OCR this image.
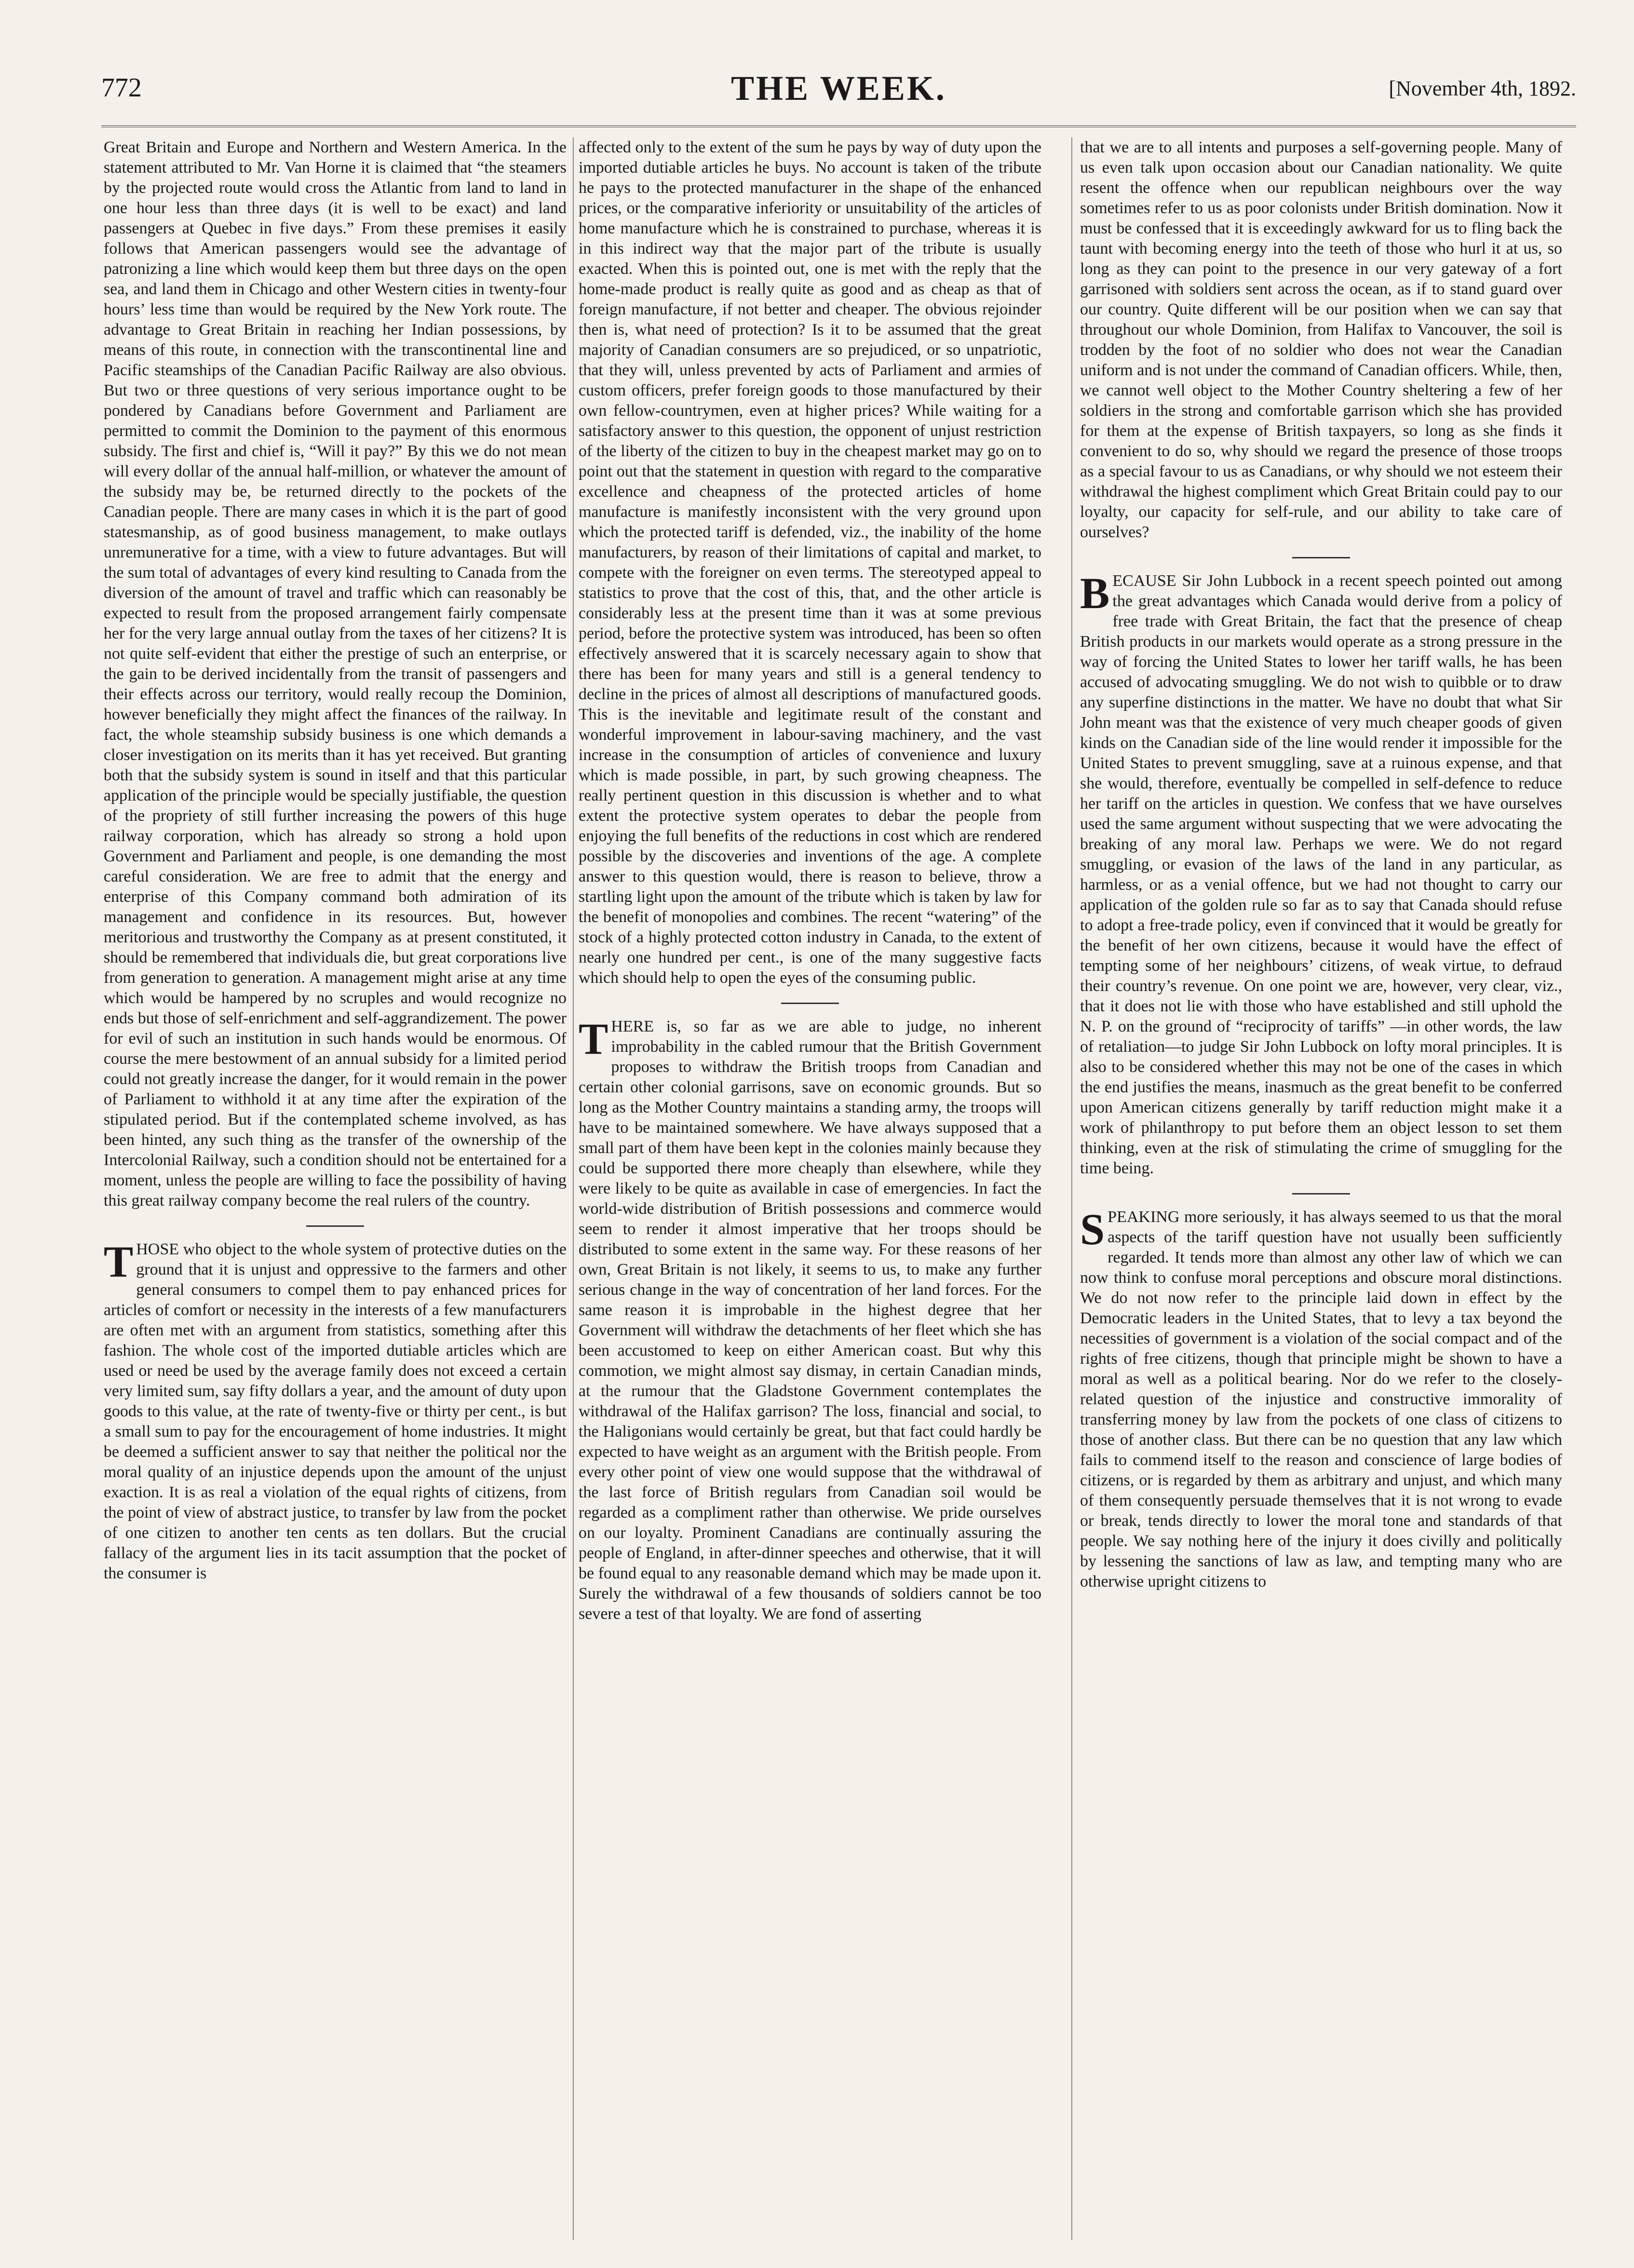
772	THE WEEK.	[November 4th, 1892.

Great Britain and Europe and Northern and Western America. In the statement attributed to Mr. Van Horne it is claimed that “the steamers by the projected route would cross the Atlantic from land to land in one hour less than three days (it is well to be exact) and land passengers at Quebec in five days.” From these premises it easily follows that American passengers would see the advantage of patronizing a line which would keep them but three days on the open sea, and land them in Chicago and other Western cities in twenty-four hours’ less time than would be required by the New York route. The advantage to Great Britain in reaching her Indian possessions, by means of this route, in connection with the transcontinental line and Pacific steamships of the Canadian Pacific Railway are also obvious. But two or three questions of very serious importance ought to be pondered by Canadians before Government and Parliament are permitted to commit the Dominion to the payment of this enormous subsidy. The first and chief is, “Will it pay?” By this we do not mean will every dollar of the annual half-million, or whatever the amount of the subsidy may be, be returned directly to the pockets of the Canadian people. There are many cases in which it is the part of good statesmanship, as of good business management, to make outlays unremunerative for a time, with a view to future advantages. But will the sum total of advantages of every kind resulting to Canada from the diversion of the amount of travel and traffic which can reasonably be expected to result from the proposed arrangement fairly compensate her for the very large annual outlay from the taxes of her citizens? It is not quite self-evident that either the prestige of such an enterprise, or the gain to be derived incidentally from the transit of passengers and their effects across our territory, would really recoup the Dominion, however beneficially they might affect the finances of the railway. In fact, the whole steamship subsidy business is one which demands a closer investigation on its merits than it has yet received. But granting both that the subsidy system is sound in itself and that this particular application of the principle would be specially justifiable, the question of the propriety of still further increasing the powers of this huge railway corporation, which has already so strong a hold upon Government and Parliament and people, is one demanding the most careful consideration. We are free to admit that the energy and enterprise of this Company command both admiration of its management and confidence in its resources. But, however meritorious and trustworthy the Company as at present constituted, it should be remembered that individuals die, but great corporations live from generation to generation. A management might arise at any time which would be hampered by no scruples and would recognize no ends but those of self-enrichment and self-aggrandizement. The power for evil of such an institution in such hands would be enormous. Of course the mere bestowment of an annual subsidy for a limited period could not greatly increase the danger, for it would remain in the power of Parliament to withhold it at any time after the expiration of the stipulated period. But if the contemplated scheme involved, as has been hinted, any such thing as the transfer of the ownership of the Intercolonial Railway, such a condition should not be entertained for a moment, unless the people are willing to face the possibility of having this great railway company become the real rulers of the country.

THOSE who object to the whole system of protective duties on the ground that it is unjust and oppressive to the farmers and other general consumers to compel them to pay enhanced prices for articles of comfort or necessity in the interests of a few manufacturers are often met with an argument from statistics, something after this fashion. The whole cost of the imported dutiable articles which are used or need be used by the average family does not exceed a certain very limited sum, say fifty dollars a year, and the amount of duty upon goods to this value, at the rate of twenty-five or thirty per cent., is but a small sum to pay for the encouragement of home industries. It might be deemed a sufficient answer to say that neither the political nor the moral quality of an injustice depends upon the amount of the unjust exaction. It is as real a violation of the equal rights of citizens, from the point of view of abstract justice, to transfer by law from the pocket of one citizen to another ten cents as ten dollars. But the crucial fallacy of the argument lies in its tacit assumption that the pocket of the consumer is

affected only to the extent of the sum he pays by way of duty upon the imported dutiable articles he buys. No account is taken of the tribute he pays to the protected manufacturer in the shape of the enhanced prices, or the comparative inferiority or unsuitability of the articles of home manufacture which he is constrained to purchase, whereas it is in this indirect way that the major part of the tribute is usually exacted. When this is pointed out, one is met with the reply that the home-made product is really quite as good and as cheap as that of foreign manufacture, if not better and cheaper. The obvious rejoinder then is, what need of protection? Is it to be assumed that the great majority of Canadian consumers are so prejudiced, or so unpatriotic, that they will, unless prevented by acts of Parliament and armies of custom officers, prefer foreign goods to those manufactured by their own fellow-countrymen, even at higher prices? While waiting for a satisfactory answer to this question, the opponent of unjust restriction of the liberty of the citizen to buy in the cheapest market may go on to point out that the statement in question with regard to the comparative excellence and cheapness of the protected articles of home manufacture is manifestly inconsistent with the very ground upon which the protected tariff is defended, viz., the inability of the home manufacturers, by reason of their limitations of capital and market, to compete with the foreigner on even terms. The stereotyped appeal to statistics to prove that the cost of this, that, and the other article is considerably less at the present time than it was at some previous period, before the protective system was introduced, has been so often effectively answered that it is scarcely necessary again to show that there has been for many years and still is a general tendency to decline in the prices of almost all descriptions of manufactured goods. This is the inevitable and legitimate result of the constant and wonderful improvement in labour-saving machinery, and the vast increase in the consumption of articles of convenience and luxury which is made possible, in part, by such growing cheapness. The really pertinent question in this discussion is whether and to what extent the protective system operates to debar the people from enjoying the full benefits of the reductions in cost which are rendered possible by the discoveries and inventions of the age. A complete answer to this question would, there is reason to believe, throw a startling light upon the amount of the tribute which is taken by law for the benefit of monopolies and combines. The recent “watering” of the stock of a highly protected cotton industry in Canada, to the extent of nearly one hundred per cent., is one of the many suggestive facts which should help to open the eyes of the consuming public.

THERE is, so far as we are able to judge, no inherent improbability in the cabled rumour that the British Government proposes to withdraw the British troops from Canadian and certain other colonial garrisons, save on economic grounds. But so long as the Mother Country maintains a standing army, the troops will have to be maintained somewhere. We have always supposed that a small part of them have been kept in the colonies mainly because they could be supported there more cheaply than elsewhere, while they were likely to be quite as available in case of emergencies. In fact the world-wide distribution of British possessions and commerce would seem to render it almost imperative that her troops should be distributed to some extent in the same way. For these reasons of her own, Great Britain is not likely, it seems to us, to make any further serious change in the way of concentration of her land forces. For the same reason it is improbable in the highest degree that her Government will withdraw the detachments of her fleet which she has been accustomed to keep on either American coast. But why this commotion, we might almost say dismay, in certain Canadian minds, at the rumour that the Gladstone Government contemplates the withdrawal of the Halifax garrison? The loss, financial and social, to the Haligonians would certainly be great, but that fact could hardly be expected to have weight as an argument with the British people. From every other point of view one would suppose that the withdrawal of the last force of British regulars from Canadian soil would be regarded as a compliment rather than otherwise. We pride ourselves on our loyalty. Prominent Canadians are continually assuring the people of England, in after-dinner speeches and otherwise, that it will be found equal to any reasonable demand which may be made upon it. Surely the withdrawal of a few thousands of soldiers cannot be too severe a test of that loyalty. We are fond of asserting

that we are to all intents and purposes a self-governing people. Many of us even talk upon occasion about our Canadian nationality. We quite resent the offence when our republican neighbours over the way sometimes refer to us as poor colonists under British domination. Now it must be confessed that it is exceedingly awkward for us to fling back the taunt with becoming energy into the teeth of those who hurl it at us, so long as they can point to the presence in our very gateway of a fort garrisoned with soldiers sent across the ocean, as if to stand guard over our country. Quite different will be our position when we can say that throughout our whole Dominion, from Halifax to Vancouver, the soil is trodden by the foot of no soldier who does not wear the Canadian uniform and is not under the command of Canadian officers. While, then, we cannot well object to the Mother Country sheltering a few of her soldiers in the strong and comfortable garrison which she has provided for them at the expense of British taxpayers, so long as she finds it convenient to do so, why should we regard the presence of those troops as a special favour to us as Canadians, or why should we not esteem their withdrawal the highest compliment which Great Britain could pay to our loyalty, our capacity for self-rule, and our ability to take care of ourselves?

BECAUSE Sir John Lubbock in a recent speech pointed out among the great advantages which Canada would derive from a policy of free trade with Great Britain, the fact that the presence of cheap British products in our markets would operate as a strong pressure in the way of forcing the United States to lower her tariff walls, he has been accused of advocating smuggling. We do not wish to quibble or to draw any superfine distinctions in the matter. We have no doubt that what Sir John meant was that the existence of very much cheaper goods of given kinds on the Canadian side of the line would render it impossible for the United States to prevent smuggling, save at a ruinous expense, and that she would, therefore, eventually be compelled in self-defence to reduce her tariff on the articles in question. We confess that we have ourselves used the same argument without suspecting that we were advocating the breaking of any moral law. Perhaps we were. We do not regard smuggling, or evasion of the laws of the land in any particular, as harmless, or as a venial offence, but we had not thought to carry our application of the golden rule so far as to say that Canada should refuse to adopt a free-trade policy, even if convinced that it would be greatly for the benefit of her own citizens, because it would have the effect of tempting some of her neighbours’ citizens, of weak virtue, to defraud their country’s revenue. On one point we are, however, very clear, viz., that it does not lie with those who have established and still uphold the N. P. on the ground of “reciprocity of tariffs” —in other words, the law of retaliation—to judge Sir John Lubbock on lofty moral principles. It is also to be considered whether this may not be one of the cases in which the end justifies the means, inasmuch as the great benefit to be conferred upon American citizens generally by tariff reduction might make it a work of philanthropy to put before them an object lesson to set them thinking, even at the risk of stimulating the crime of smuggling for the time being.

SPEAKING more seriously, it has always seemed to us that the moral aspects of the tariff question have not usually been sufficiently regarded. It tends more than almost any other law of which we can now think to confuse moral perceptions and obscure moral distinctions. We do not now refer to the principle laid down in effect by the Democratic leaders in the United States, that to levy a tax beyond the necessities of government is a violation of the social compact and of the rights of free citizens, though that principle might be shown to have a moral as well as a political bearing. Nor do we refer to the closely-related question of the injustice and constructive immorality of transferring money by law from the pockets of one class of citizens to those of another class. But there can be no question that any law which fails to commend itself to the reason and conscience of large bodies of citizens, or is regarded by them as arbitrary and unjust, and which many of them consequently persuade themselves that it is not wrong to evade or break, tends directly to lower the moral tone and standards of that people. We say nothing here of the injury it does civilly and politically by lessening the sanctions of law as law, and tempting many who are otherwise upright citizens to
